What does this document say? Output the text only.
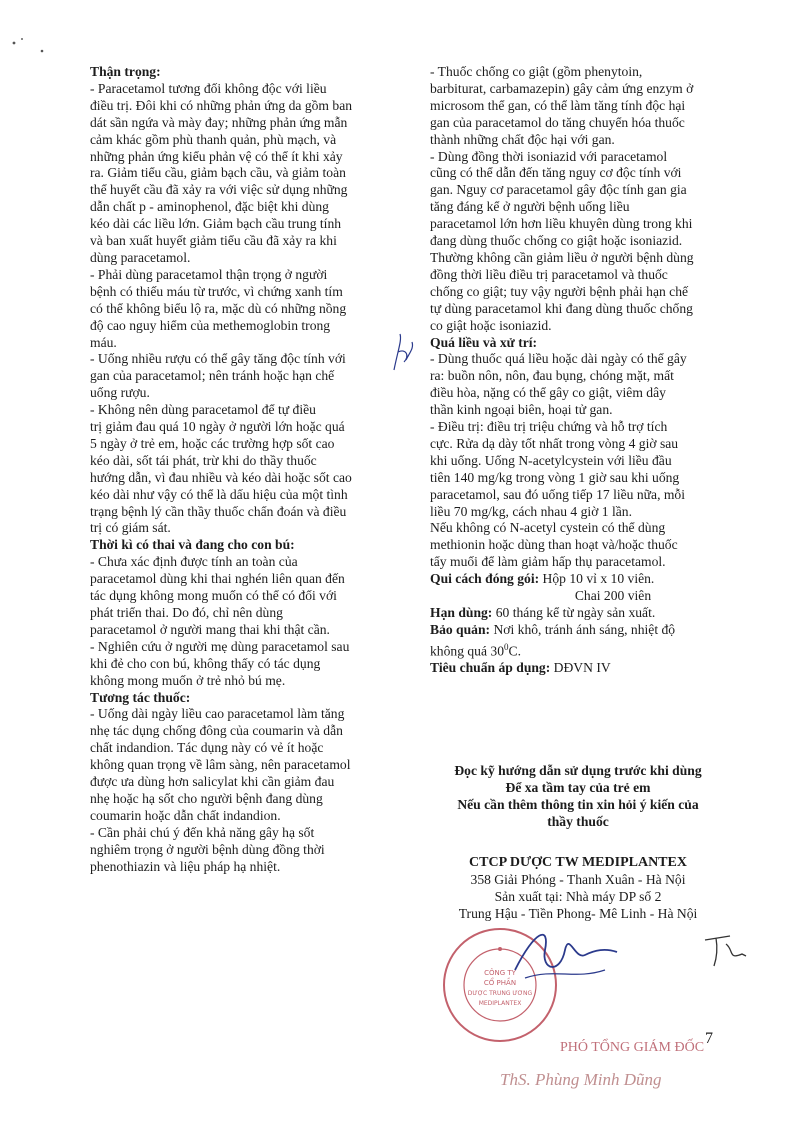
Thận trọng:
- Paracetamol tương đối không độc với liều
điều trị. Đôi khi có những phản ứng da gồm ban
dát sần ngứa và mày đay; những phản ứng mẫn
cảm khác gồm phù thanh quản, phù mạch, và
những phản ứng kiểu phản vệ có thể ít khi xảy
ra. Giảm tiểu cầu, giảm bạch cầu, và giảm toàn
thể huyết cầu đã xảy ra với việc sử dụng những
dẫn chất p - aminophenol, đặc biệt khi dùng
kéo dài các liều lớn. Giảm bạch cầu trung tính
và ban xuất huyết giảm tiểu cầu đã xảy ra khi
dùng paracetamol.
- Phải dùng paracetamol thận trọng ở người
bệnh có thiếu máu từ trước, vì chứng xanh tím
có thể không biểu lộ ra, mặc dù có những nồng
độ cao nguy hiểm của methemoglobin trong
máu.
- Uống nhiều rượu có thể gây tăng độc tính với
gan của paracetamol; nên tránh hoặc hạn chế
uống rượu.
- Không nên dùng paracetamol để tự điều
trị giảm đau quá 10 ngày ở người lớn hoặc quá
5 ngày ở trẻ em, hoặc các trường hợp sốt cao
kéo dài, sốt tái phát, trừ khi do thầy thuốc
hướng dẫn, vì đau nhiều và kéo dài hoặc sốt cao
kéo dài như vậy có thể là dấu hiệu của một tình
trạng bệnh lý cần thầy thuốc chẩn đoán và điều
trị có giám sát.
Thời kì có thai và đang cho con bú:
- Chưa xác định được tính an toàn của
paracetamol dùng khi thai nghén liên quan đến
tác dụng không mong muốn có thể có đối với
phát triển thai. Do đó, chỉ nên dùng
paracetamol ở người mang thai khi thật cần.
- Nghiên cứu ở người mẹ dùng paracetamol sau
khi đẻ cho con bú, không thấy có tác dụng
không mong muốn ở trẻ nhỏ bú mẹ.
Tương tác thuốc:
- Uống dài ngày liều cao paracetamol làm tăng
nhẹ tác dụng chống đông của coumarin và dẫn
chất indandion. Tác dụng này có vẻ ít hoặc
không quan trọng về lâm sàng, nên paracetamol
được ưa dùng hơn salicylat khi cần giảm đau
nhẹ hoặc hạ sốt cho người bệnh đang dùng
coumarin hoặc dẫn chất indandion.
- Cần phải chú ý đến khả năng gây hạ sốt
nghiêm trọng ở người bệnh dùng đồng thời
phenothiazin và liệu pháp hạ nhiệt.
- Thuốc chống co giật (gồm phenytoin,
barbiturat, carbamazepin) gây cảm ứng enzym ở
microsom thể gan, có thể làm tăng tính độc hại
gan của paracetamol do tăng chuyển hóa thuốc
thành những chất độc hại với gan.
- Dùng đồng thời isoniazid với paracetamol
cũng có thể dẫn đến tăng nguy cơ độc tính với
gan. Nguy cơ paracetamol gây độc tính gan gia
tăng đáng kể ở người bệnh uống liều
paracetamol lớn hơn liều khuyên dùng trong khi
đang dùng thuốc chống co giật hoặc isoniazid.
Thường không cần giảm liều ở người bệnh dùng
đồng thời liều điều trị paracetamol và thuốc
chống co giật; tuy vậy người bệnh phải hạn chế
tự dùng paracetamol khi đang dùng thuốc chống
co giật hoặc isoniazid.
Quá liều và xử trí:
- Dùng thuốc quá liều hoặc dài ngày có thể gây
ra: buồn nôn, nôn, đau bụng, chóng mặt, mất
điều hòa, nặng có thể gây co giật, viêm dây
thần kinh ngoại biên, hoại tử gan.
- Điều trị: điều trị triệu chứng và hỗ trợ tích
cực. Rửa dạ dày tốt nhất trong vòng 4 giờ sau
khi uống. Uống N-acetylcystein với liều đầu
tiên 140 mg/kg trong vòng 1 giờ sau khi uống
paracetamol, sau đó uống tiếp 17 liều nữa, mỗi
liều 70 mg/kg, cách nhau 4 giờ 1 lần.
Nếu không có N-acetyl cystein có thể dùng
methionin hoặc dùng than hoạt và/hoặc thuốc
tẩy muối để làm giảm hấp thụ paracetamol.
Qui cách đóng gói: Hộp 10 vỉ x 10 viên.
Chai 200 viên
Hạn dùng: 60 tháng kể từ ngày sản xuất.
Bảo quản: Nơi khô, tránh ánh sáng, nhiệt độ
không quá $30^0C$.
Tiêu chuẩn áp dụng: DĐVN IV
Đọc kỹ hướng dẫn sử dụng trước khi dùng
Để xa tầm tay của trẻ em
Nếu cần thêm thông tin xin hỏi ý kiến của
thầy thuốc
CTCP DƯỢC TW MEDIPLANTEX
358 Giải Phóng - Thanh Xuân - Hà Nội
Sản xuất tại: Nhà máy DP số 2
Trung Hậu - Tiền Phong- Mê Linh - Hà Nội
CÔNG TY
CỔ PHẦN
DƯỢC TRUNG ƯƠNG
MEDIPLANTEX
PHÓ TỔNG GIÁM ĐỐC
ThS. Phùng Minh Dũng
7
